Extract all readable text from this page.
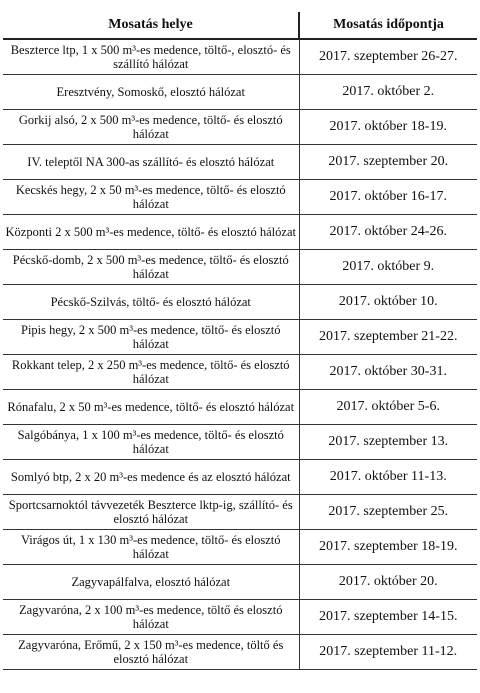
Mosatás helye	Mosatás időpontja
Beszterce ltp, 1 x 500 m³-es medence, töltő-, elosztó- és szállító hálózat	2017. szeptember 26-27.
Eresztvény, Somoskő, elosztó hálózat	2017. október 2.
Gorkij alsó, 2 x 500 m³-es medence, töltő- és elosztó hálózat	2017. október 18-19.
IV. teleptől NA 300-as szállító- és elosztó hálózat	2017. szeptember 20.
Kecskés hegy, 2 x 50 m³-es medence, töltő- és elosztó hálózat	2017. október 16-17.
Központi 2 x 500 m³-es medence, töltő- és elosztó hálózat	2017. október 24-26.
Pécskő-domb, 2 x 500 m³-es medence, töltő- és elosztó hálózat	2017. október 9.
Pécskő-Szilvás, töltő- és elosztó hálózat	2017. október 10.
Pipis hegy, 2 x 500 m³-es medence, töltő- és elosztó hálózat	2017. szeptember 21-22.
Rokkant telep, 2 x 250 m³-es medence, töltő- és elosztó hálózat	2017. október 30-31.
Rónafalu, 2 x 50 m³-es medence, töltő- és elosztó hálózat	2017. október 5-6.
Salgóbánya, 1 x 100 m³-es medence, töltő- és elosztó hálózat	2017. szeptember 13.
Somlyó btp, 2 x 20 m³-es medence és az elosztó hálózat	2017. október 11-13.
Sportcsarnoktól távvezeték Beszterce lktp-ig, szállító- és elosztó hálózat	2017. szeptember 25.
Virágos út, 1 x 130 m³-es medence, töltő- és elosztó hálózat	2017. szeptember 18-19.
Zagyvapálfalva, elosztó hálózat	2017. október 20.
Zagyvaróna, 2 x 100 m³-es medence, töltő és elosztó hálózat	2017. szeptember 14-15.
Zagyvaróna, Erőmű, 2 x 150 m³-es medence, töltő és elosztó hálózat	2017. szeptember 11-12.
